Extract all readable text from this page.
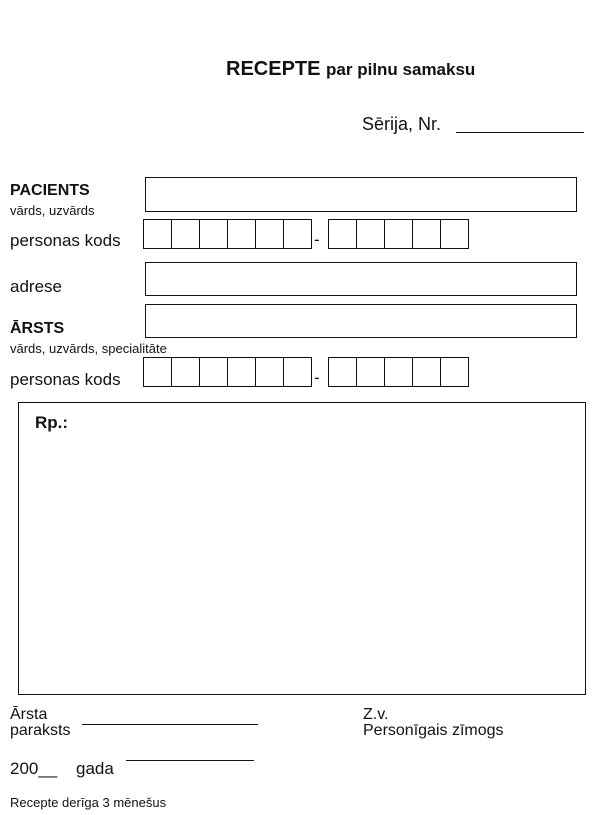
RECEPTE par pilnu samaksu
Sērija, Nr.
PACIENTS
vārds, uzvārds
personas kods	-
adrese
ĀRSTS
vārds, uzvārds, specialitāte
personas kods	-
Rp.:
Ārsta
paraksts
Z.v.
Personīgais zīmogs
200__ gada
Recepte derīga 3 mēnešus
